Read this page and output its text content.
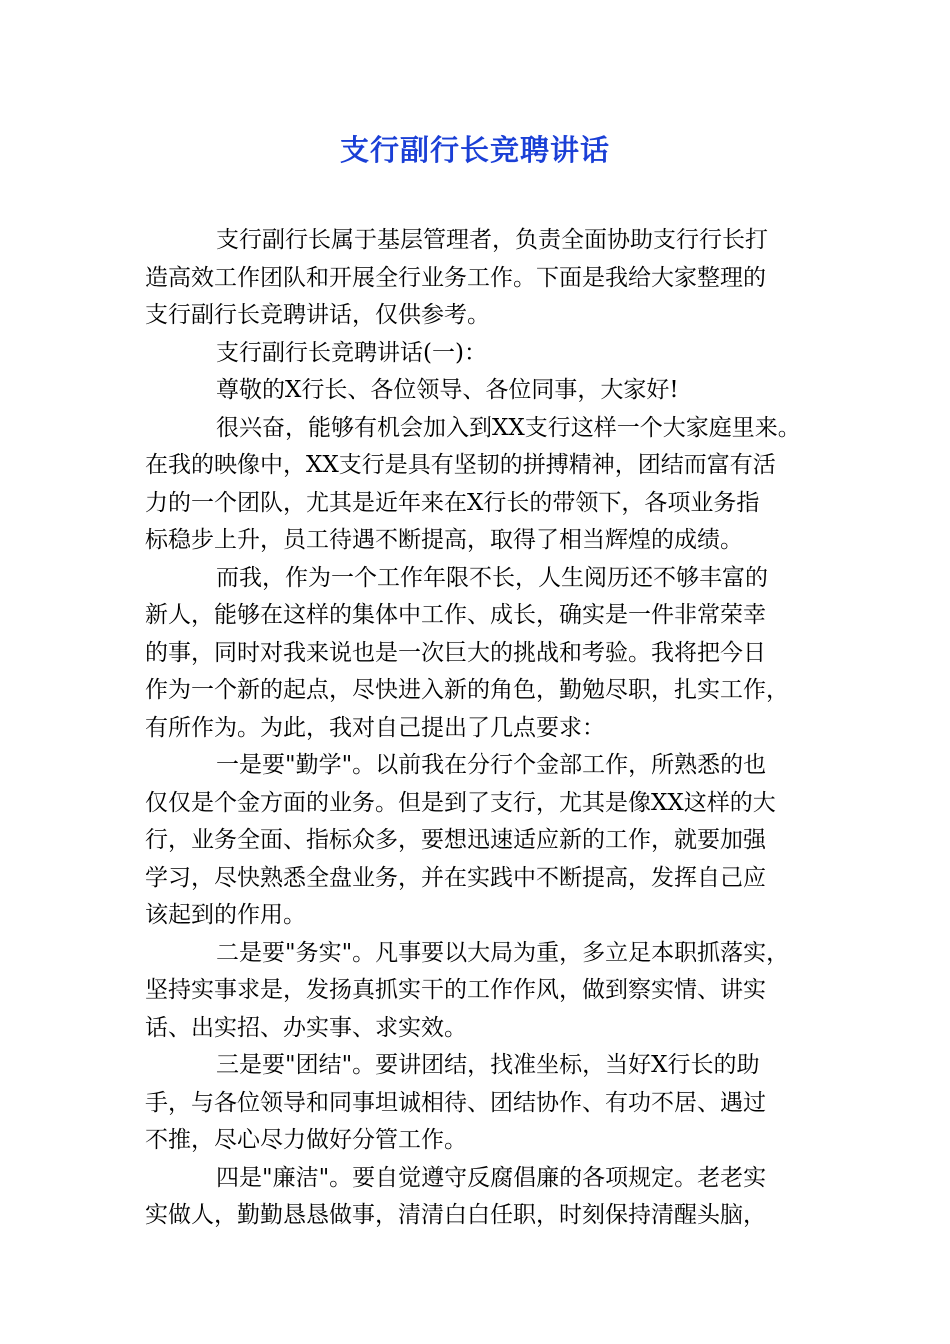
支行副行长竞聘讲话

支行副行长属于基层管理者，负责全面协助支行行长打

造高效工作团队和开展全行业务工作。下面是我给大家整理的

支行副行长竞聘讲话，仅供参考。

支行副行长竞聘讲话(一)：

尊敬的X行长、各位领导、各位同事，大家好!

很兴奋，能够有机会加入到XX支行这样一个大家庭里来。

在我的映像中，XX支行是具有坚韧的拼搏精神，团结而富有活

力的一个团队，尤其是近年来在X行长的带领下，各项业务指

标稳步上升，员工待遇不断提高，取得了相当辉煌的成绩。

而我，作为一个工作年限不长，人生阅历还不够丰富的

新人，能够在这样的集体中工作、成长，确实是一件非常荣幸

的事，同时对我来说也是一次巨大的挑战和考验。我将把今日

作为一个新的起点，尽快进入新的角色，勤勉尽职，扎实工作，

有所作为。为此，我对自己提出了几点要求：

一是要"勤学"。以前我在分行个金部工作，所熟悉的也

仅仅是个金方面的业务。但是到了支行，尤其是像XX这样的大

行，业务全面、指标众多，要想迅速适应新的工作，就要加强

学习，尽快熟悉全盘业务，并在实践中不断提高，发挥自己应

该起到的作用。

二是要"务实"。凡事要以大局为重，多立足本职抓落实，

坚持实事求是，发扬真抓实干的工作作风，做到察实情、讲实

话、出实招、办实事、求实效。

三是要"团结"。要讲团结，找准坐标，当好X行长的助

手，与各位领导和同事坦诚相待、团结协作、有功不居、遇过

不推，尽心尽力做好分管工作。

四是"廉洁"。要自觉遵守反腐倡廉的各项规定。老老实

实做人，勤勤恳恳做事，清清白白任职，时刻保持清醒头脑，
